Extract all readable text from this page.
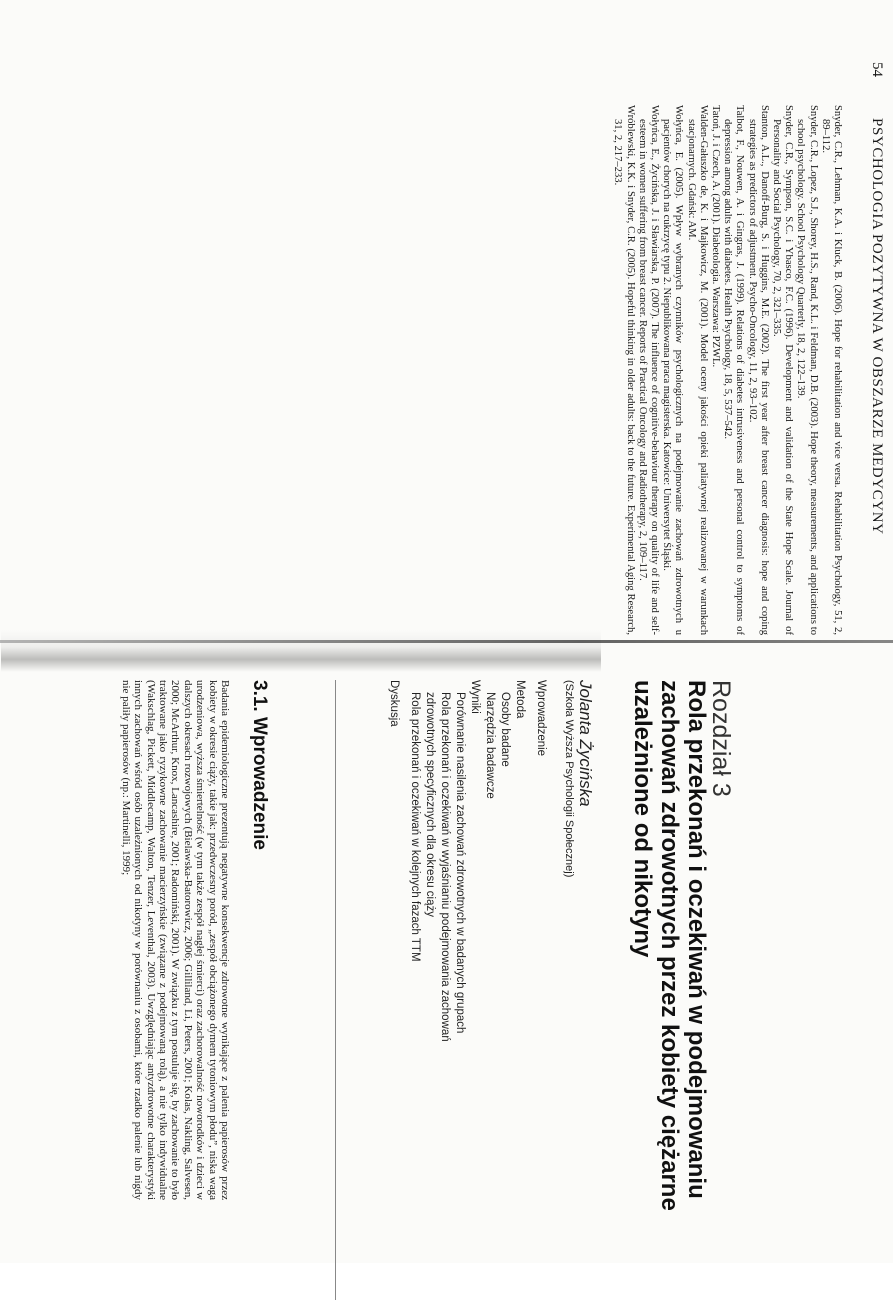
54
PSYCHOLOGIA POZYTYWNA W OBSZARZE MEDYCYNY

Snyder, C.R., Lehman, K.A. i Kluck, B. (2006). Hope for rehabilitation and vice versa. Rehabilitation Psychology, 51, 2, 89–112.

Snyder, C.R., Lopez, S.J., Shorey, H.S., Rand, K.L. i Feldman, D.B. (2003). Hope theory, measurements, and applications to school psychology. School Psychology Quarterly, 18, 2, 122–139.

Snyder, C.R., Sympson, S.C. i Ybasco, F.C. (1996). Development and validation of the State Hope Scale. Journal of Personality and Social Psychology, 70, 2, 321–335.

Stanton, A.L., Danoff-Burg, S. i Huggins, M.E. (2002). The first year after breast cancer diagnosis: hope and coping strategies as predictors of adjustment. Psycho-Oncology, 11, 2, 93–102.

Talbot, F., Nouwen, A. i Gingras, J. (1999). Relations of diabetes intrusiveness and personal control to symptoms of depression among adults with diabetes. Health Psychology, 18, 5, 537–542.

Tatoń, J. i Czech, A. (2001). Diabetologia. Warszawa: PZWL.

Walden-Gałuszko de, K. i Majkowicz, M. (2001). Model oceny jakości opieki paliatywnej realizowanej w warunkach stacjonarnych. Gdańsk: AM.

Wołyńca, E. (2005). Wpływ wybranych czynników psychologicznych na podejmowanie zachowań zdrowotnych u pacjentów chorych na cukrzycę typu 2. Niepublikowana praca magisterska. Katowice: Uniwersytet Śląski.

Wołyńca, E., Życińska, J. i Sławiarska, P. (2007). The influence of cognitive-behaviour therapy on quality of life and self-esteem in women suffering from breast cancer. Reports of Practical Oncology and Radiotherapy, 2, 109–117.

Wróblewski, K.K. i Snyder, C.R. (2005). Hopeful thinking in older adults: back to the future. Experimental Aging Research, 31, 2, 217–233.

Rozdział 3
Rola przekonań i oczekiwań w podejmowaniu zachowań zdrowotnych przez kobiety ciężarne uzależnione od nikotyny
Jolanta Życińska
(Szkoła Wyższa Psychologii Społecznej)
Wprowadzenie
Metoda
Osoby badane
Narzędzia badawcze
Wyniki
Porównanie nasilenia zachowań zdrowotnych w badanych grupach
Rola przekonań i oczekiwań w wyjaśnianiu podejmowania zachowań
zdrowotnych specyficznych dla okresu ciąży
Rola przekonań i oczekiwań w kolejnych fazach TTM
Dyskusja
3.1. Wprowadzenie
Badania epidemiologiczne prezentują negatywne konsekwencje zdrowotne wynikające z palenia papierosów przez kobiety w okresie ciąży, takie jak: przedwczesny poród, „zespół obciążonego dymem tytoniowym płodu”, niska waga urodzeniowa, wyższa śmiertelność (w tym także zespół nagłej śmierci) oraz zachorowalność noworodków i dzieci w dalszych okresach rozwojowych (Bielawska-Batorowicz, 2006; Gilliland, Li, Peters, 2001; Kolas, Nakling, Salvesen, 2000; McArthur, Knox, Lancashire, 2001; Radomiński, 2001). W związku z tym postuluje się, by zachowanie to było traktowane jako ryzykowne zachowanie macierzyńskie (związane z podejmowaną rolą), a nie tylko indywidualne (Wakschlag, Pickett, Middlecamp, Walton, Tenzer, Leventhal, 2003). Uwzględniając antyzdrowotne charakterystyki innych zachowań wśród osób uzależnionych od nikotyny w porównaniu z osobami, które rzadko palenie lub nigdy nie paliły papierosów (np.: Martinelli, 1999;
